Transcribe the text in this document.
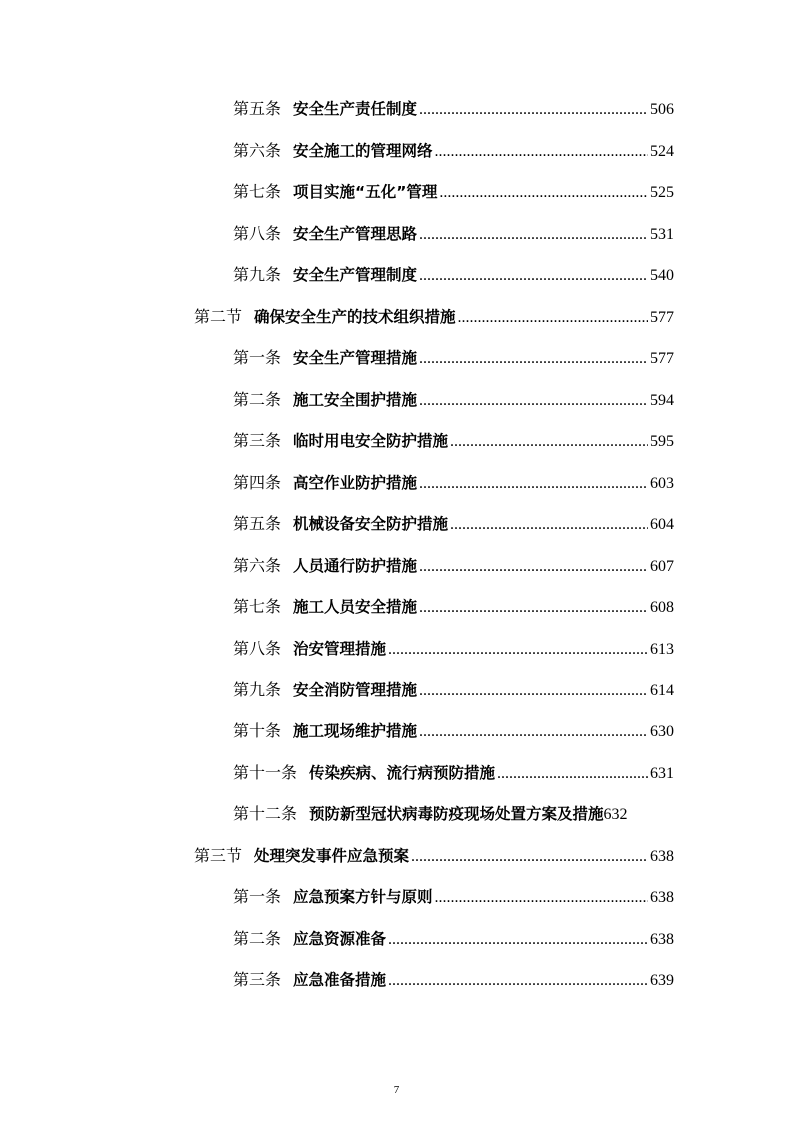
第五条 安全生产责任制度 .....	506
第六条 安全施工的管理网络 .....	524
第七条 项目实施“五化”管理 .....	525
第八条 安全生产管理思路 .....	531
第九条 安全生产管理制度 .....	540
第二节 确保安全生产的技术组织措施 .....	577
第一条 安全生产管理措施 .....	577
第二条 施工安全围护措施 .....	594
第三条 临时用电安全防护措施 .....	595
第四条 高空作业防护措施 .....	603
第五条 机械设备安全防护措施 .....	604
第六条 人员通行防护措施 .....	607
第七条 施工人员安全措施 .....	608
第八条 治安管理措施 .....	613
第九条 安全消防管理措施 .....	614
第十条 施工现场维护措施 .....	630
第十一条 传染疾病、流行病预防措施 .....	631
第十二条 预防新型冠状病毒防疫现场处置方案及措施 632
第三节 处理突发事件应急预案 .....	638
第一条 应急预案方针与原则 .....	638
第二条 应急资源准备 .....	638
第三条 应急准备措施 .....	639
7
